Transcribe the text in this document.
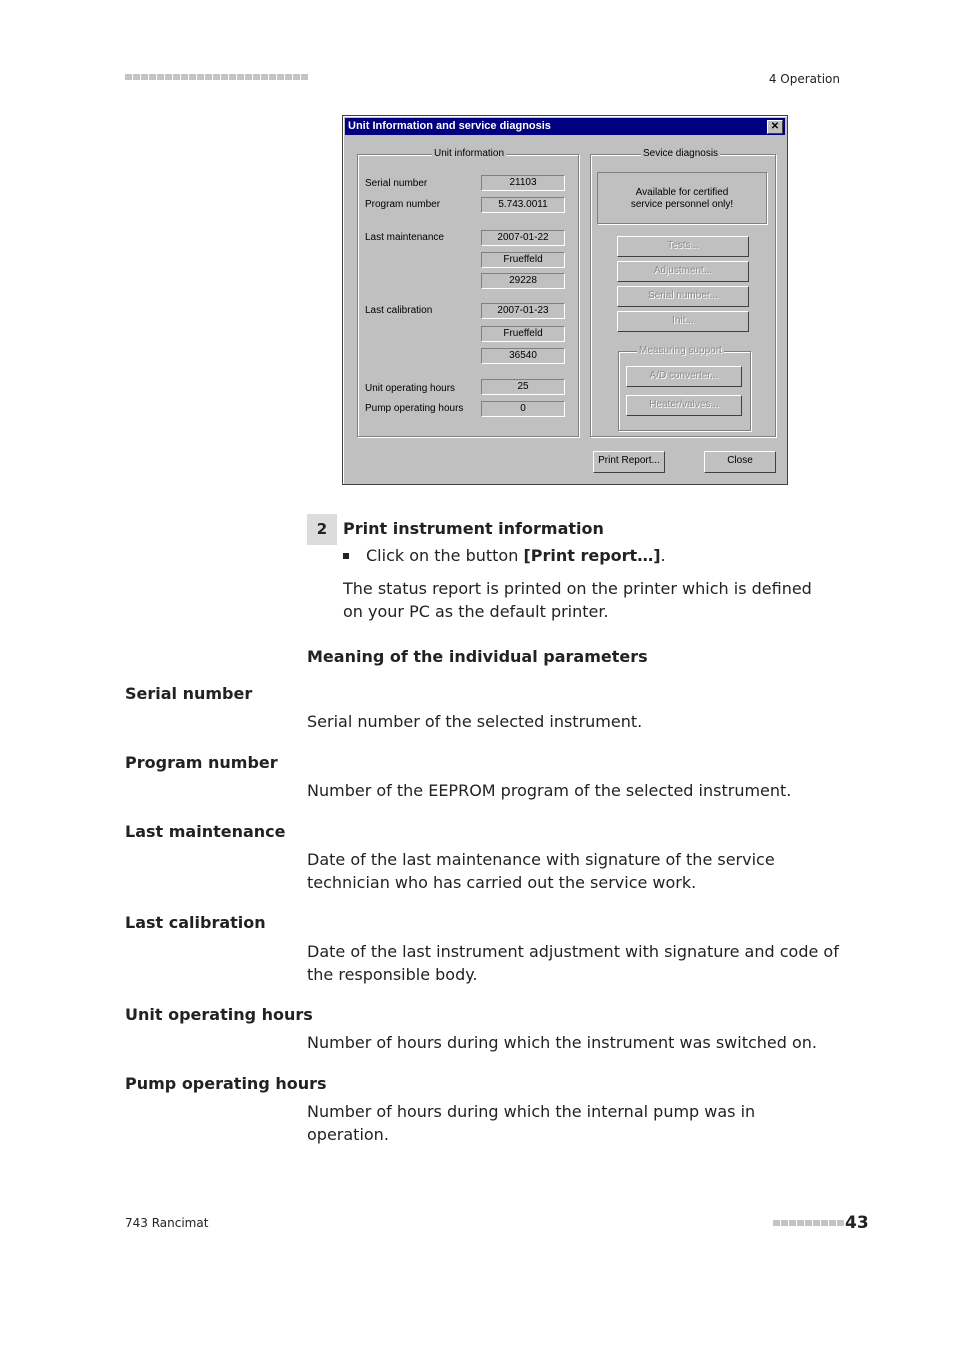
4 Operation
Unit Information and service diagnosis	✕
Unit information
Serial number	21103
Program number	5.743.0011
Last maintenance	2007-01-22
Frueffeld
29228
Last calibration	2007-01-23
Frueffeld
36540
Unit operating hours	25
Pump operating hours	0
Sevice diagnosis
Available for certified
service personnel only!
Tests...
Adjustment...
Serial number...
Init...
Measuring support
A/D converter...
Heater/valves...
Print Report...	Close
2 Print instrument information
Click on the button [Print report…].
The status report is printed on the printer which is defined on your PC as the default printer.
Meaning of the individual parameters
Serial number
Serial number of the selected instrument.
Program number
Number of the EEPROM program of the selected instrument.
Last maintenance
Date of the last maintenance with signature of the service technician who has carried out the service work.
Last calibration
Date of the last instrument adjustment with signature and code of the responsible body.
Unit operating hours
Number of hours during which the instrument was switched on.
Pump operating hours
Number of hours during which the internal pump was in operation.
743 Rancimat	43
